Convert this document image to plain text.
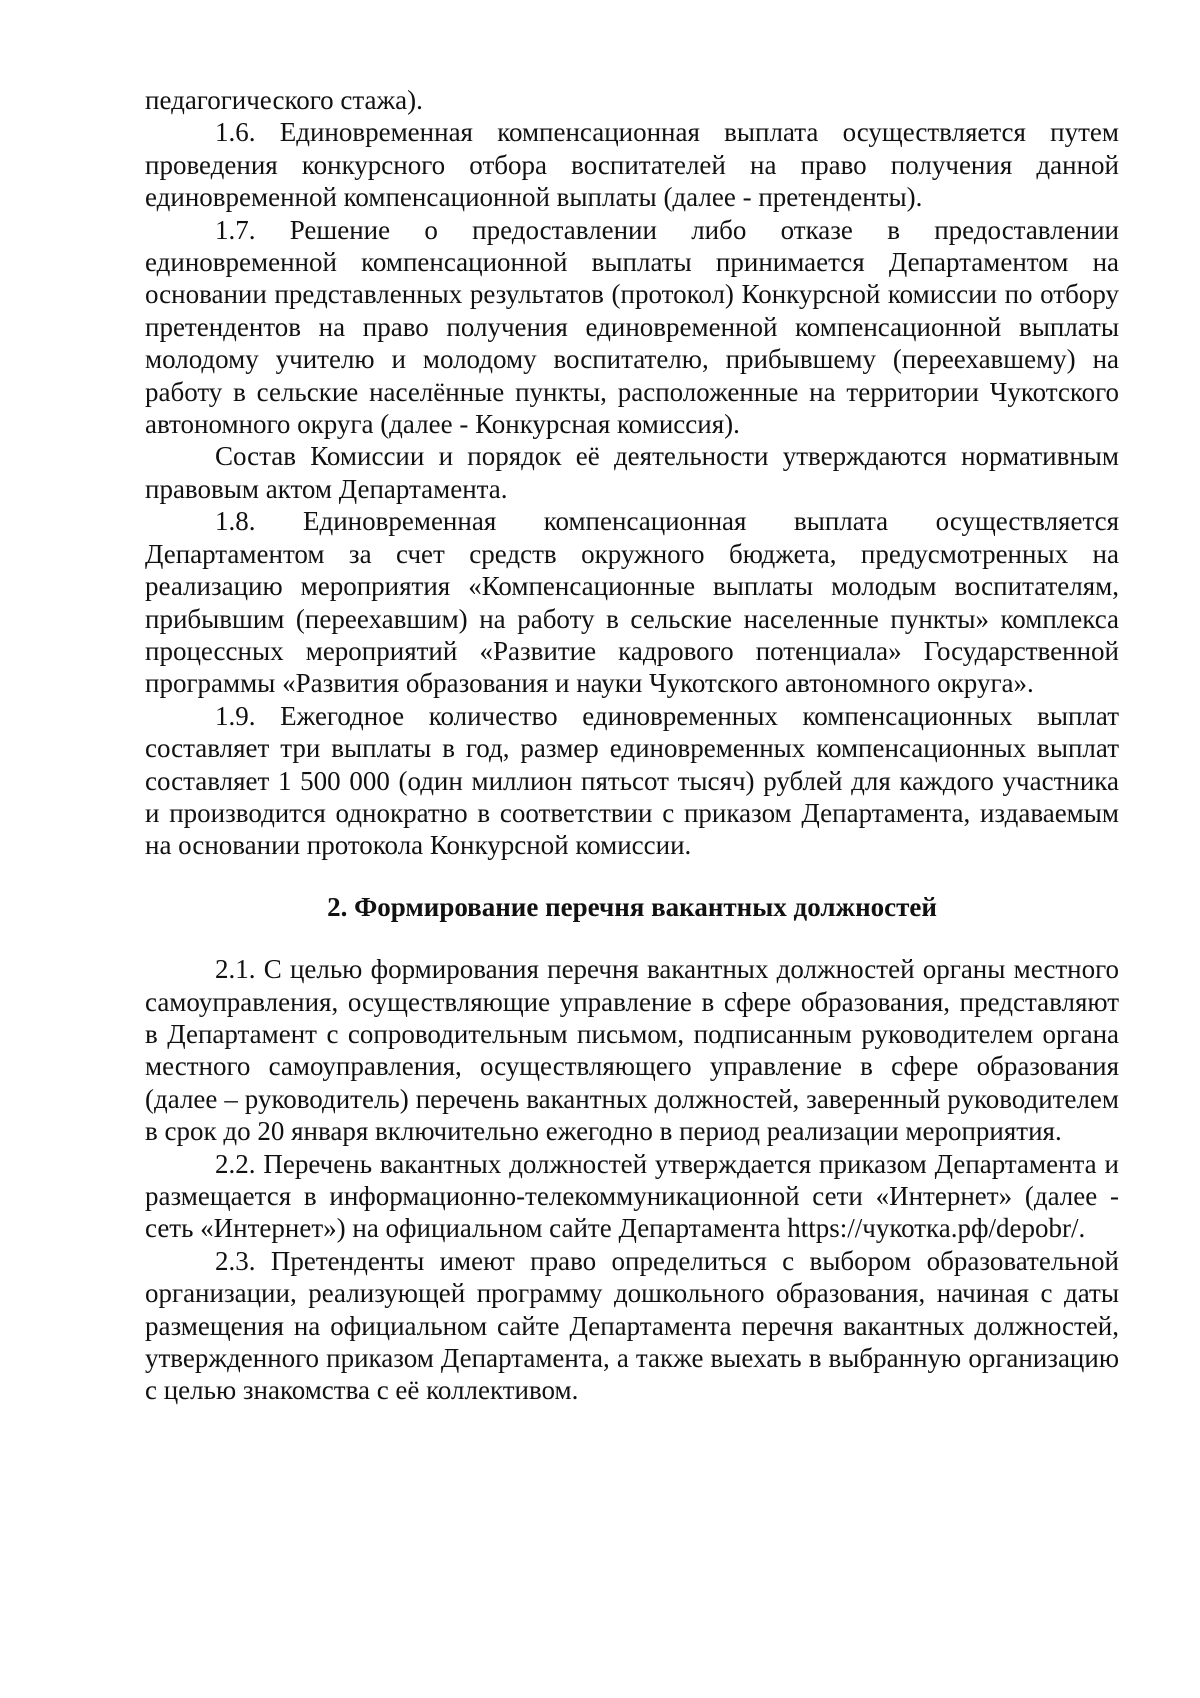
педагогического стажа).

1.6. Единовременная компенсационная выплата осуществляется путем проведения конкурсного отбора воспитателей на право получения данной единовременной компенсационной выплаты (далее - претенденты).

1.7. Решение о предоставлении либо отказе в предоставлении единовременной компенсационной выплаты принимается Департаментом на основании представленных результатов (протокол) Конкурсной комиссии по отбору претендентов на право получения единовременной компенсационной выплаты молодому учителю и молодому воспитателю, прибывшему (переехавшему) на работу в сельские населённые пункты, расположенные на территории Чукотского автономного округа (далее - Конкурсная комиссия).

Состав Комиссии и порядок её деятельности утверждаются нормативным правовым актом Департамента.

1.8. Единовременная компенсационная выплата осуществляется Департаментом за счет средств окружного бюджета, предусмотренных на реализацию мероприятия «Компенсационные выплаты молодым воспитателям, прибывшим (переехавшим) на работу в сельские населенные пункты» комплекса процессных мероприятий «Развитие кадрового потенциала» Государственной программы «Развития образования и науки Чукотского автономного округа».

1.9. Ежегодное количество единовременных компенсационных выплат составляет три выплаты в год, размер единовременных компенсационных выплат составляет 1 500 000 (один миллион пятьсот тысяч) рублей для каждого участника и производится однократно в соответствии с приказом Департамента, издаваемым на основании протокола Конкурсной комиссии.

2. Формирование перечня вакантных должностей

2.1. С целью формирования перечня вакантных должностей органы местного самоуправления, осуществляющие управление в сфере образования, представляют в Департамент с сопроводительным письмом, подписанным руководителем органа местного самоуправления, осуществляющего управление в сфере образования (далее – руководитель) перечень вакантных должностей, заверенный руководителем в срок до 20 января включительно ежегодно в период реализации мероприятия.

2.2. Перечень вакантных должностей утверждается приказом Департамента и размещается в информационно-телекоммуникационной сети «Интернет» (далее - сеть «Интернет») на официальном сайте Департамента https://чукотка.рф/depobr/.

2.3. Претенденты имеют право определиться с выбором образовательной организации, реализующей программу дошкольного образования, начиная с даты размещения на официальном сайте Департамента перечня вакантных должностей, утвержденного приказом Департамента, а также выехать в выбранную организацию с целью знакомства с её коллективом.
